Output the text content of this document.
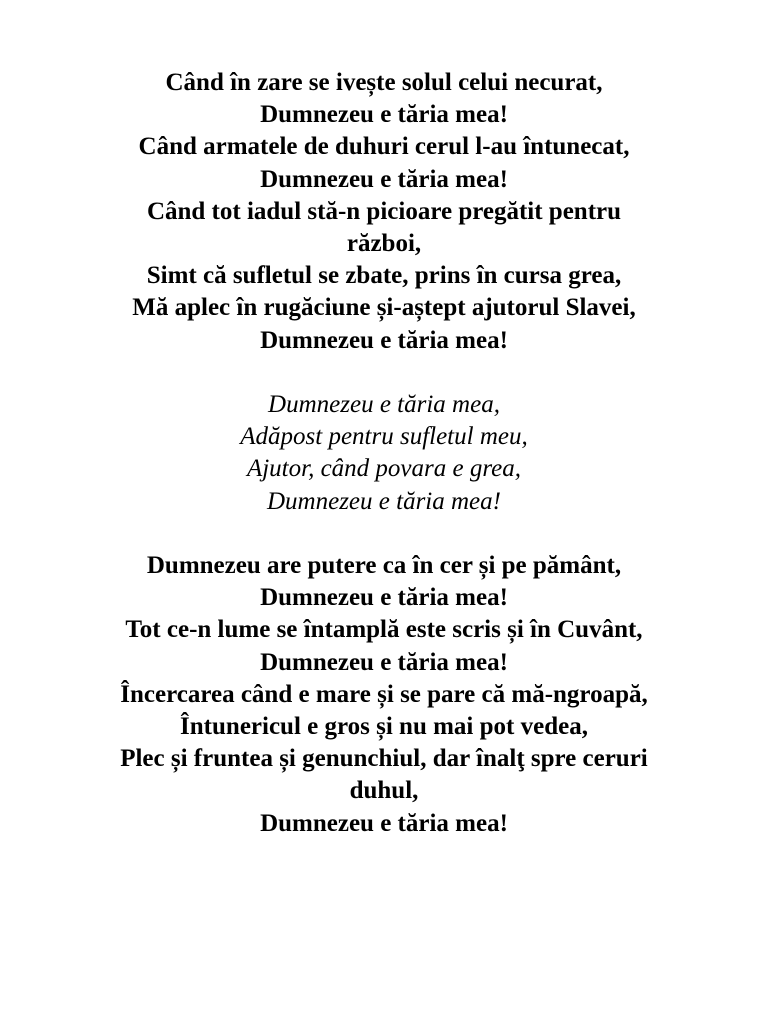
Când în zare se ivește solul celui necurat,
Dumnezeu e tăria mea!
Când armatele de duhuri cerul l-au întunecat,
Dumnezeu e tăria mea!
Când tot iadul stă-n picioare pregătit pentru
război,
Simt că sufletul se zbate, prins în cursa grea,
Mă aplec în rugăciune și-aștept ajutorul Slavei,
Dumnezeu e tăria mea!
Dumnezeu e tăria mea,
Adăpost pentru sufletul meu,
Ajutor, când povara e grea,
Dumnezeu e tăria mea!
Dumnezeu are putere ca în cer și pe pământ,
Dumnezeu e tăria mea!
Tot ce-n lume se întamplă este scris și în Cuvânt,
Dumnezeu e tăria mea!
Încercarea când e mare și se pare că mă-ngroapă,
Întunericul e gros și nu mai pot vedea,
Plec și fruntea și genunchiul, dar înalţ spre ceruri
duhul,
Dumnezeu e tăria mea!
